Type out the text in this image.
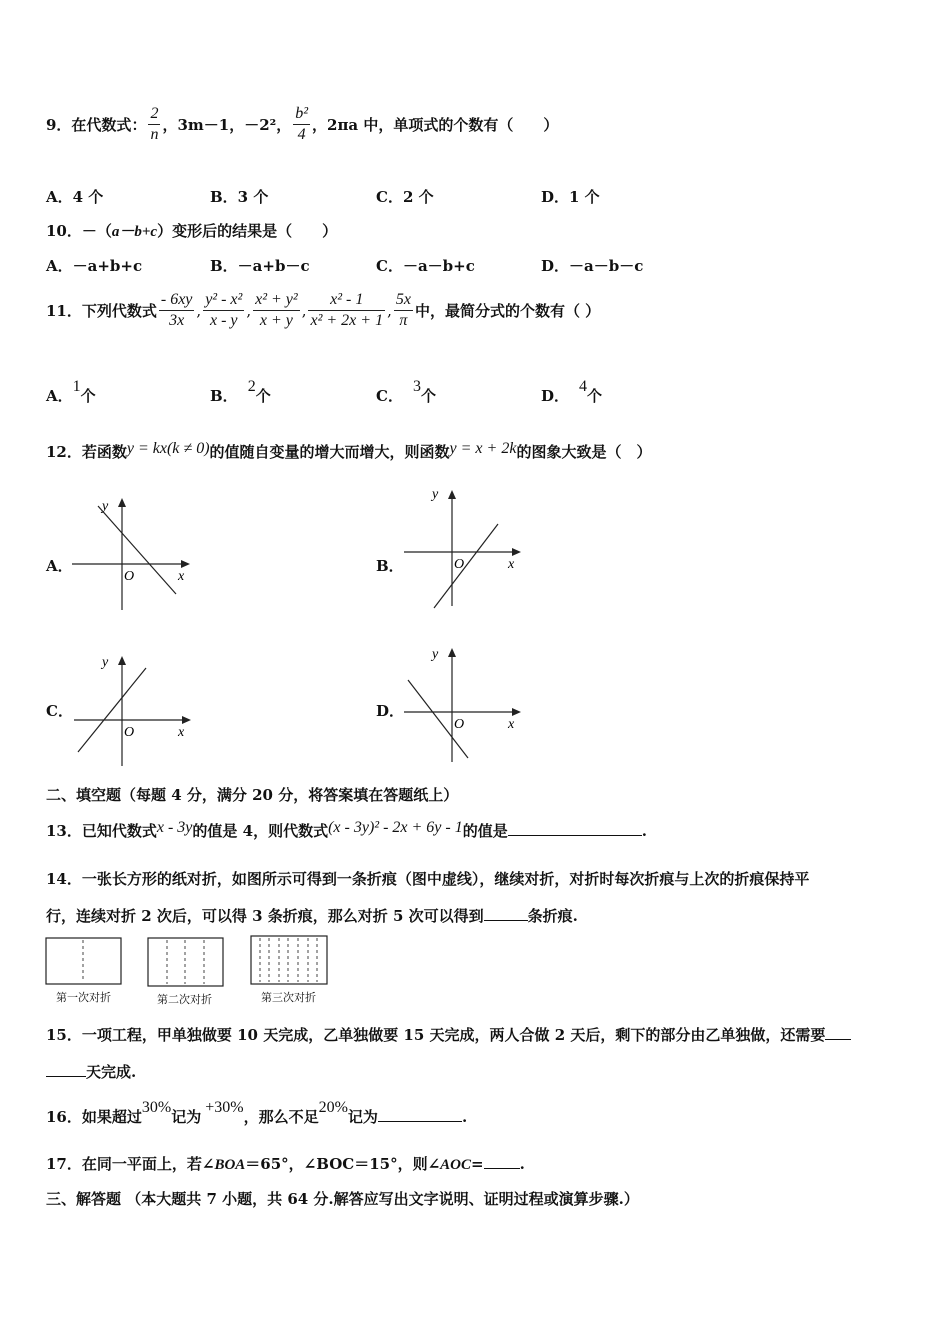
9．在代数式： $\frac{2}{n}$ ，3m－1，－2²， $\frac{\text{b²}}{4}$ ，2πa 中，单项式的个数有（　　）
A．4 个	B．3 个	C．2 个	D．1 个
10．－（a－b+c）变形后的结果是（　　）
A．－a+b+c	B．－a+b－c	C．－a－b+c	D．－a－b－c
11．下列代数式 $\frac{- 6xy}{3x}$ , $\frac{\text{y² - x²}}{x - y}$ , $\frac{\text{x² + y²}}{x + y}$ , $\frac{\text{x² - 1}}{\text{x² + 2x + 1}}$ , $\frac{5x}{\pi}$ 中，最简分式的个数有（ ）
A．1个	B．2个	C．3个	D．4个
12．若函数y = kx(k ≠ 0)的值随自变量的增大而增大，则函数y = x + 2k的图象大致是（　）
A．
y
x
O
B．
y
x
O
C．
y
x
O
D．
y
x
O
二、填空题（每题 4 分，满分 20 分，将答案填在答题纸上）
13．已知代数式x - 3y的值是 4，则代数式(x - 3y)² - 2x + 6y - 1的值是	.
14．一张长方形的纸对折，如图所示可得到一条折痕（图中虚线），继续对折，对折时每次折痕与上次的折痕保持平
行，连续对折 2 次后，可以得 3 条折痕，那么对折 5 次可以得到	条折痕.
第一次对折	第二次对折	第三次对折
15．一项工程，甲单独做要 10 天完成，乙单独做要 15 天完成，两人合做 2 天后，剩下的部分由乙单独做，还需要
天完成.
16．如果超过30%记为+30%，那么不足20%记为	.
17．在同一平面上，若∠BOA＝65°，∠BOC＝15°，则∠AOC= .
三、解答题 （本大题共 7 小题，共 64 分.解答应写出文字说明、证明过程或演算步骤.）
